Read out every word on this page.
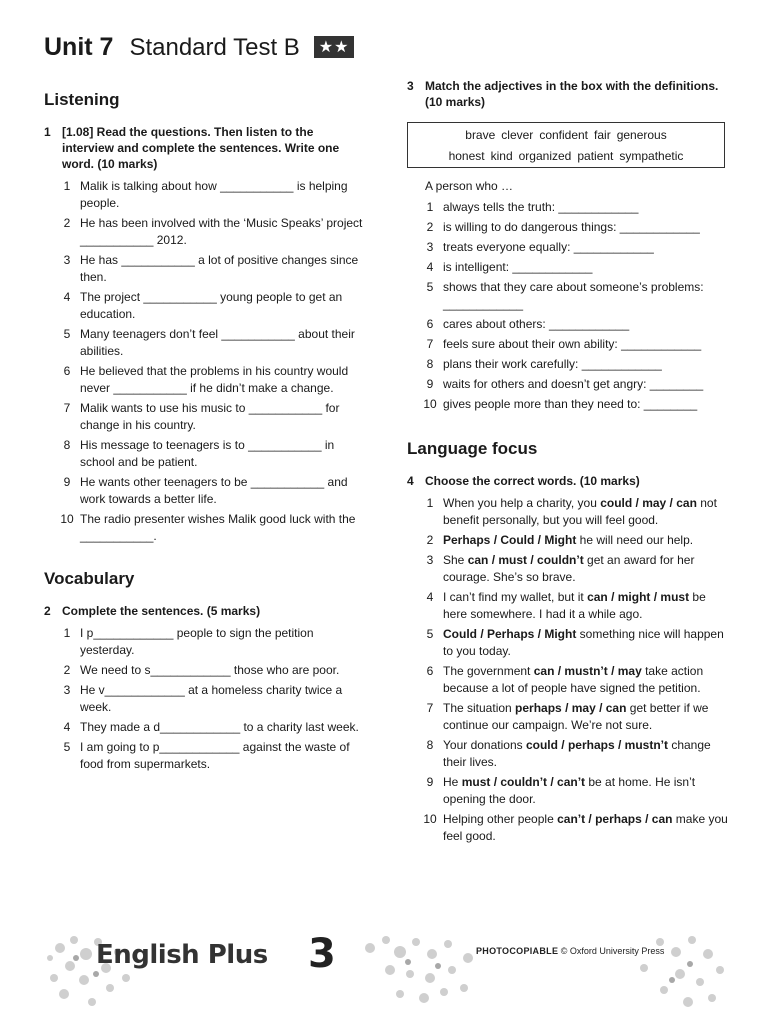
Unit 7 Standard Test B	★★
Listening
1 [1.08] Read the questions. Then listen to the interview and complete the sentences. Write one word. (10 marks)
1 Malik is talking about how ___________ is helping people.
2 He has been involved with the ‘Music Speaks’ project ___________ 2012.
3 He has ___________ a lot of positive changes since then.
4 The project ___________ young people to get an education.
5 Many teenagers don’t feel ___________ about their abilities.
6 He believed that the problems in his country would never ___________ if he didn’t make a change.
7 Malik wants to use his music to ___________ for change in his country.
8 His message to teenagers is to ___________ in school and be patient.
9 He wants other teenagers to be ___________ and work towards a better life.
10 The radio presenter wishes Malik good luck with the ___________.
Vocabulary
2 Complete the sentences. (5 marks)
1 I p____________ people to sign the petition yesterday.
2 We need to s____________ those who are poor.
3 He v____________ at a homeless charity twice a week.
4 They made a d____________ to a charity last week.
5 I am going to p____________ against the waste of food from supermarkets.
3 Match the adjectives in the box with the definitions. (10 marks)
brave clever confident fair generous
honest kind organized patient sympathetic
A person who …
1 always tells the truth: ____________
2 is willing to do dangerous things: ____________
3 treats everyone equally: ____________
4 is intelligent: ____________
5 shows that they care about someone’s problems: ____________
6 cares about others: ____________
7 feels sure about their own ability: ____________
8 plans their work carefully: ____________
9 waits for others and doesn’t get angry: ________
10 gives people more than they need to: ________
Language focus
4 Choose the correct words. (10 marks)
1 When you help a charity, you could / may / can not benefit personally, but you will feel good.
2 Perhaps / Could / Might he will need our help.
3 She can / must / couldn’t get an award for her courage. She’s so brave.
4 I can’t find my wallet, but it can / might / must be here somewhere. I had it a while ago.
5 Could / Perhaps / Might something nice will happen to you today.
6 The government can / mustn’t / may take action because a lot of people have signed the petition.
7 The situation perhaps / may / can get better if we continue our campaign. We’re not sure.
8 Your donations could / perhaps / mustn’t change their lives.
9 He must / couldn’t / can’t be at home. He isn’t opening the door.
10 Helping other people can’t / perhaps / can make you feel good.
English Plus 3	PHOTOCOPIABLE © Oxford University Press
